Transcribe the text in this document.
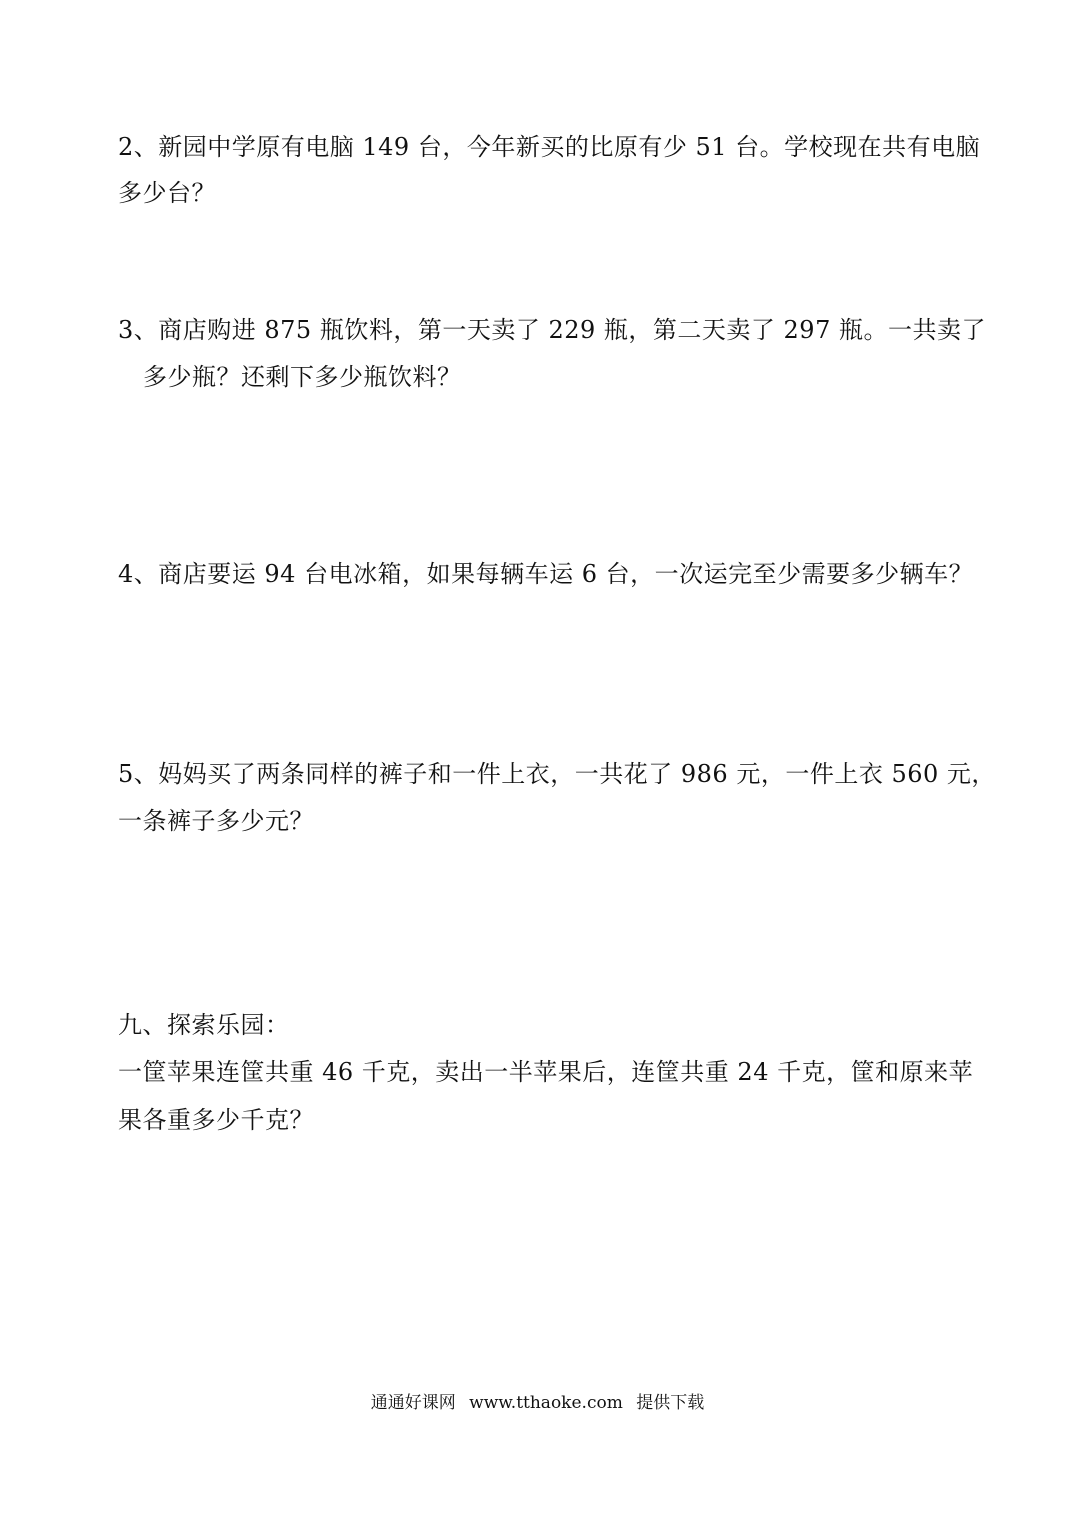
2、新园中学原有电脑 149 台，今年新买的比原有少 51 台。学校现在共有电脑
多少台？
3、商店购进 875 瓶饮料，第一天卖了 229 瓶，第二天卖了 297 瓶。一共卖了
多少瓶？还剩下多少瓶饮料？
4、商店要运 94 台电冰箱，如果每辆车运 6 台，一次运完至少需要多少辆车？
5、妈妈买了两条同样的裤子和一件上衣，一共花了 986 元，一件上衣 560 元，
一条裤子多少元？
九、探索乐园：
一筐苹果连筐共重 46 千克，卖出一半苹果后，连筐共重 24 千克，筐和原来苹
果各重多少千克？
通通好课网 www.tthaoke.com 提供下载
